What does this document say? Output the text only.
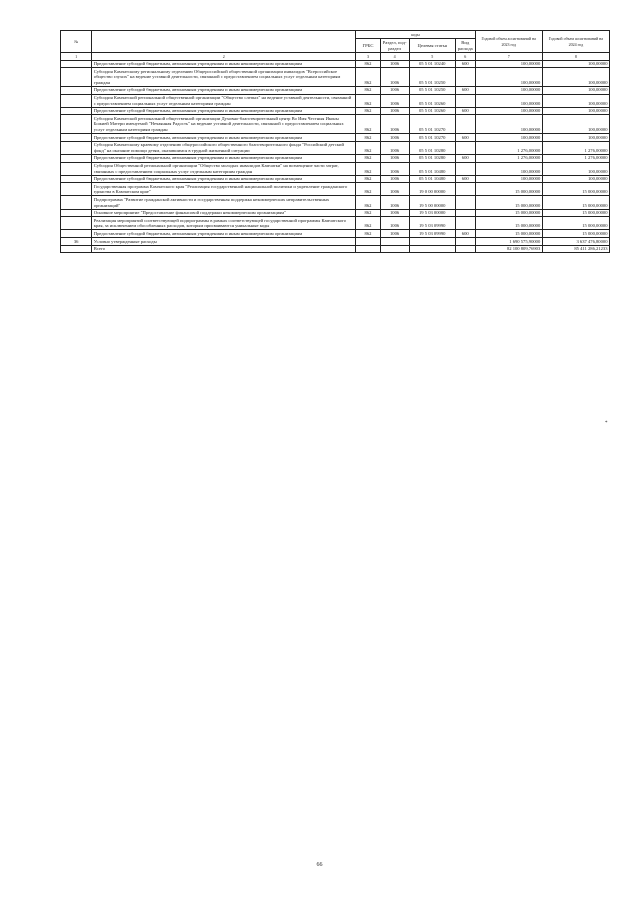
№		коды				Годовой объем ассигнований на 2023 год	Годовой объем ассигнований на 2024 год
		ГРБС	Раздел, под-раздел	Целевая статья	Вид расхода		
1	2	3	4	5	6	7	8
	Предоставление субсидий бюджетным, автономным учреждениям и иным некоммерческим организациям	862	1006	05 5 01 10240	600	100,00000	100,00000
	Субсидия Камчатскому региональному отделению Общероссийской общественной организации инвалидов "Всероссийское общество глухих" на ведение уставной деятельности, связанной с предоставлением социальных услуг отдельным категориям граждан	862	1006	05 5 01 10250		100,00000	100,00000
	Предоставление субсидий бюджетным, автономным учреждениям и иным некоммерческим организациям	862	1006	05 5 01 10250	600	100,00000	100,00000
	Субсидия Камчатской региональной общественной организации "Общество слепых" на ведение уставной деятельности, связанной с предоставлением социальных услуг отдельным категориям граждан	862	1006	05 5 01 10260		100,00000	100,00000
	Предоставление субсидий бюджетным, автономным учреждениям и иным некоммерческим организациям	862	1006	05 5 01 10260	600	100,00000	100,00000
	Субсидия Камчатской региональной общественной организации Духовно-благотворительный центр Во Имя Честныя Иконы Божией Матери именуемой "Нечаянная Радость" на ведение уставной деятельности, связанной с предоставлением социальных услуг отдельным категориям граждан	862	1006	05 5 01 10270		100,00000	100,00000
	Предоставление субсидий бюджетным, автономным учреждениям и иным некоммерческим организациям	862	1006	05 5 01 10270	600	100,00000	100,00000
	Субсидия Камчатскому краевому отделению общероссийского общественного благотворительного фонда "Российский детский фонд" на оказание помощи детям, оказавшимся в трудной жизненной ситуации	862	1006	05 5 01 10280		1 276,00000	1 276,00000
	Предоставление субсидий бюджетным, автономным учреждениям и иным некоммерческим организациям	862	1006	05 5 01 10280	600	1 276,00000	1 276,00000
	Субсидия Общественной региональной организации "Общество молодых инвалидов Камчатки" на возмещение части затрат, связанных с предоставлением социальных услуг отдельным категориям граждан	862	1006	05 5 01 10480		100,00000	100,00000
	Предоставление субсидий бюджетным, автономным учреждениям и иным некоммерческим организациям	862	1006	05 5 01 10480	600	100,00000	100,00000
	Государственная программа Камчатского края "Реализация государственной национальной политики и укрепление гражданского единства в Камчатском крае"	862	1006	19 0 00 00000		15 000,00000	15 000,00000
	Подпрограмма "Развитие гражданской активности и государственная поддержка некоммерческих неправительственных организаций"	862	1006	19 5 00 00000		15 000,00000	15 000,00000
	Основное мероприятие "Предоставление финансовой поддержки некоммерческим организациям"	862	1006	19 5 03 00000		15 000,00000	15 000,00000
	Реализация мероприятий соответствующей подпрограммы в рамках соответствующей государственной программы Камчатского края, за исключением обособленных расходов, которым присваиваются уникальные коды	862	1006	19 5 03 09990		15 000,00000	15 000,00000
	Предоставление субсидий бюджетным, автономным учреждениям и иным некоммерческим организациям	862	1006	19 5 03 09990	600	15 000,00000	15 000,00000
36	Условно утвержденные расходы					1 690 575,90000	3 637 476,80000
	Всего					82 100 809,76903	85 411 286,21233
*
66
